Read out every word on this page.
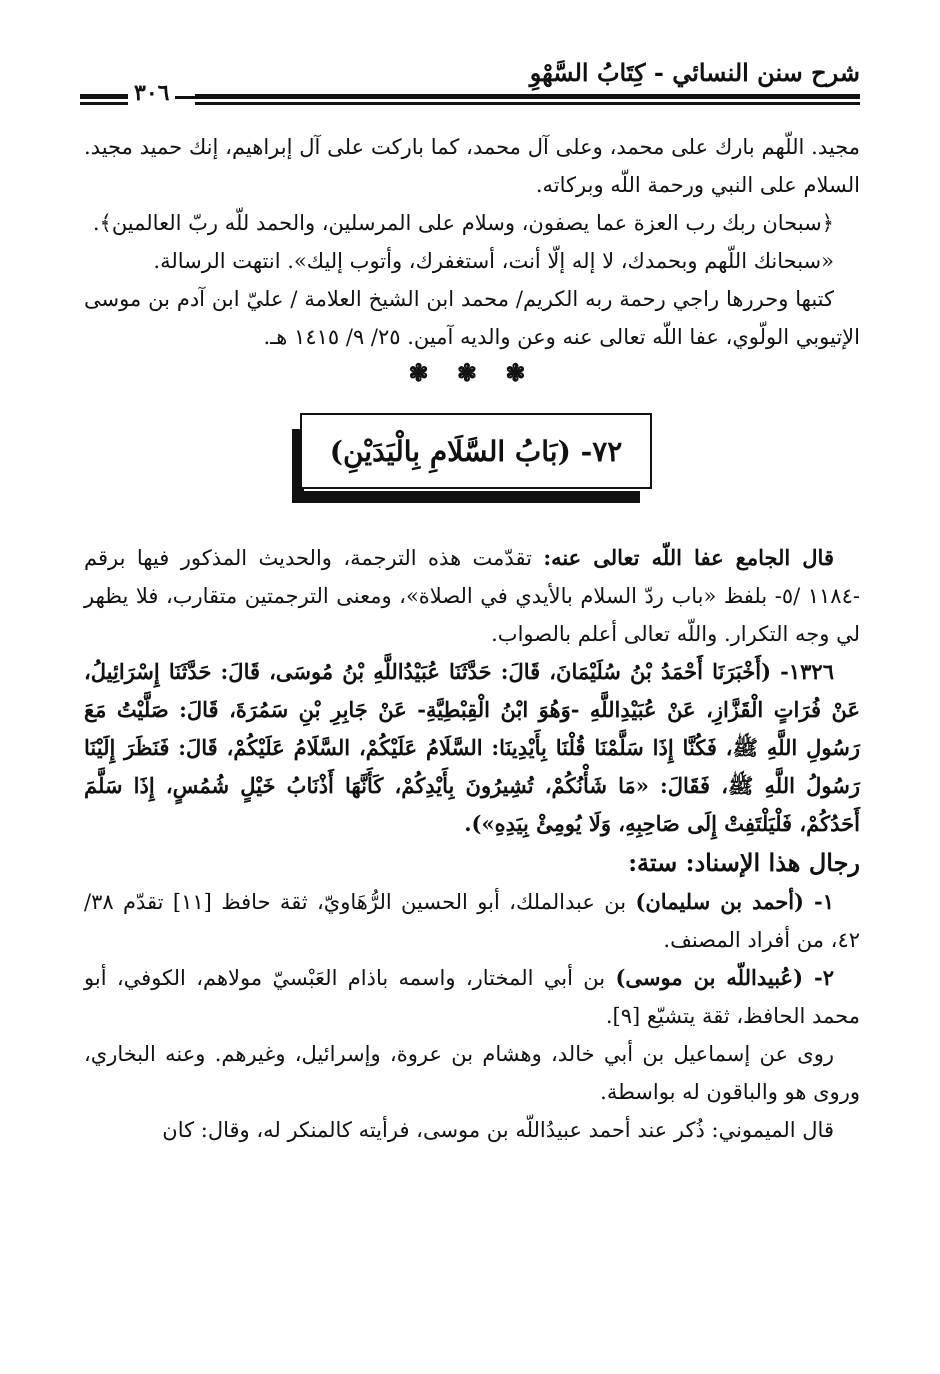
شرح سنن النسائي - كِتَابُ السَّهْوِ
٣٠٦

مجيد. اللّهم بارك على محمد، وعلى آل محمد، كما باركت على آل إبراهيم، إنك حميد مجيد. السلام على النبي ورحمة اللّه وبركاته.

﴿سبحان ربك رب العزة عما يصفون، وسلام على المرسلين، والحمد للّه ربّ العالمين﴾.

«سبحانك اللّهم وبحمدك، لا إله إلّا أنت، أستغفرك، وأتوب إليك». انتهت الرسالة.

كتبها وحررها راجي رحمة ربه الكريم/ محمد ابن الشيخ العلامة / عليّ ابن آدم بن موسى الإتيوبي الولّوي، عفا اللّه تعالى عنه وعن والديه آمين. ٢٥/ ٩/ ١٤١٥ هـ.

❃ ❃ ❃
٧٢- (بَابُ السَّلَامِ بِالْيَدَيْنِ)

قال الجامع عفا اللّه تعالى عنه: تقدّمت هذه الترجمة، والحديث المذكور فيها برقم -١١٨٤ /٥- بلفظ «باب ردّ السلام بالأيدي في الصلاة»، ومعنى الترجمتين متقارب، فلا يظهر لي وجه التكرار. واللّه تعالى أعلم بالصواب.

١٣٢٦- (أَخْبَرَنَا أَحْمَدُ بْنُ سُلَيْمَانَ، قَالَ: حَدَّثَنَا عُبَيْدُاللَّهِ بْنُ مُوسَى، قَالَ: حَدَّثَنَا إِسْرَائِيلُ، عَنْ فُرَاتٍ الْقَزَّازِ، عَنْ عُبَيْدِاللَّهِ -وَهُوَ ابْنُ الْقِبْطِيَّةِ- عَنْ جَابِرِ بْنِ سَمُرَةَ، قَالَ: صَلَّيْتُ مَعَ رَسُولِ اللَّهِ ﷺ، فَكُنَّا إِذَا سَلَّمْنَا قُلْنَا بِأَيْدِينَا: السَّلَامُ عَلَيْكُمْ، السَّلَامُ عَلَيْكُمْ، قَالَ: فَنَظَرَ إِلَيْنَا رَسُولُ اللَّهِ ﷺ، فَقَالَ: «مَا شَأْنُكُمْ، تُشِيرُونَ بِأَيْدِكُمْ، كَأَنَّهَا أَذْنَابُ خَيْلٍ شُمُسٍ، إِذَا سَلَّمَ أَحَدُكُمْ، فَلْيَلْتَفِتْ إِلَى صَاحِبِهِ، وَلَا يُومِئْ بِيَدِهِ»).

رجال هذا الإسناد: ستة:

١- (أحمد بن سليمان) بن عبدالملك، أبو الحسين الرُّهَاويّ، ثقة حافظ [١١] تقدّم ٣٨/ ٤٢، من أفراد المصنف.

٢- (عُبيداللّه بن موسى) بن أبي المختار، واسمه باذام العَبْسيّ مولاهم، الكوفي، أبو محمد الحافظ، ثقة يتشيّع [٩].

روى عن إسماعيل بن أبي خالد، وهشام بن عروة، وإسرائيل، وغيرهم. وعنه البخاري، وروى هو والباقون له بواسطة.

قال الميموني: ذُكر عند أحمد عبيدُاللّه بن موسى، فرأيته كالمنكر له، وقال: كان
